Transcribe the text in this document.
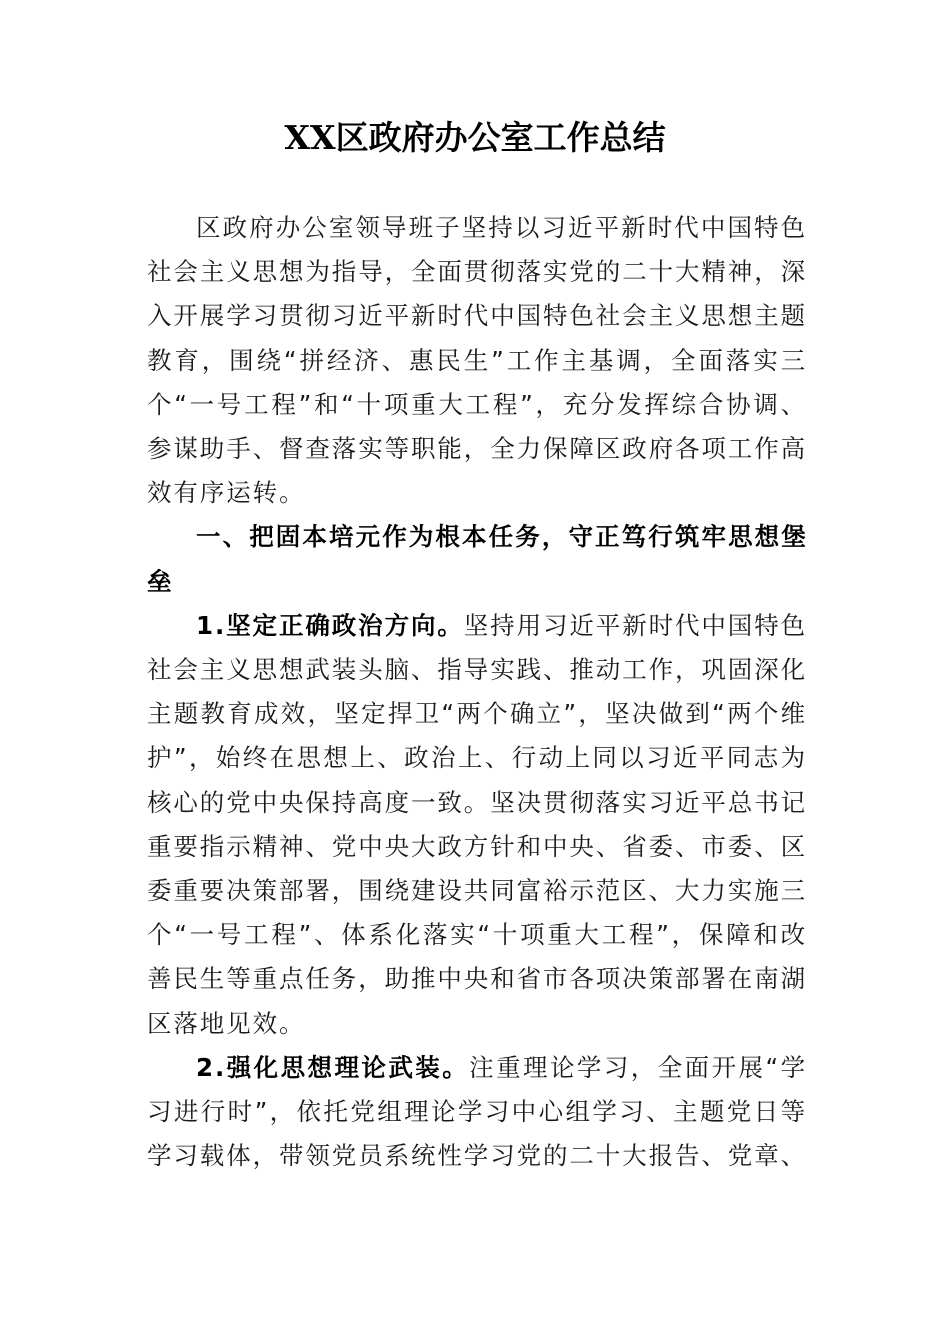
XX区政府办公室工作总结

区政府办公室领导班子坚持以习近平新时代中国特色社会主义思想为指导，全面贯彻落实党的二十大精神，深入开展学习贯彻习近平新时代中国特色社会主义思想主题教育，围绕“拼经济、惠民生”工作主基调，全面落实三个“一号工程”和“十项重大工程”，充分发挥综合协调、参谋助手、督查落实等职能，全力保障区政府各项工作高效有序运转。

一、把固本培元作为根本任务，守正笃行筑牢思想堡垒

1.坚定正确政治方向。坚持用习近平新时代中国特色社会主义思想武装头脑、指导实践、推动工作，巩固深化主题教育成效，坚定捍卫“两个确立”，坚决做到“两个维护”，始终在思想上、政治上、行动上同以习近平同志为核心的党中央保持高度一致。坚决贯彻落实习近平总书记重要指示精神、党中央大政方针和中央、省委、市委、区委重要决策部署，围绕建设共同富裕示范区、大力实施三个“一号工程”、体系化落实“十项重大工程”，保障和改善民生等重点任务，助推中央和省市各项决策部署在南湖区落地见效。

2.强化思想理论武装。注重理论学习，全面开展“学习进行时”，依托党组理论学习中心组学习、主题党日等学习载体，带领党员系统性学习党的二十大报告、党章、
